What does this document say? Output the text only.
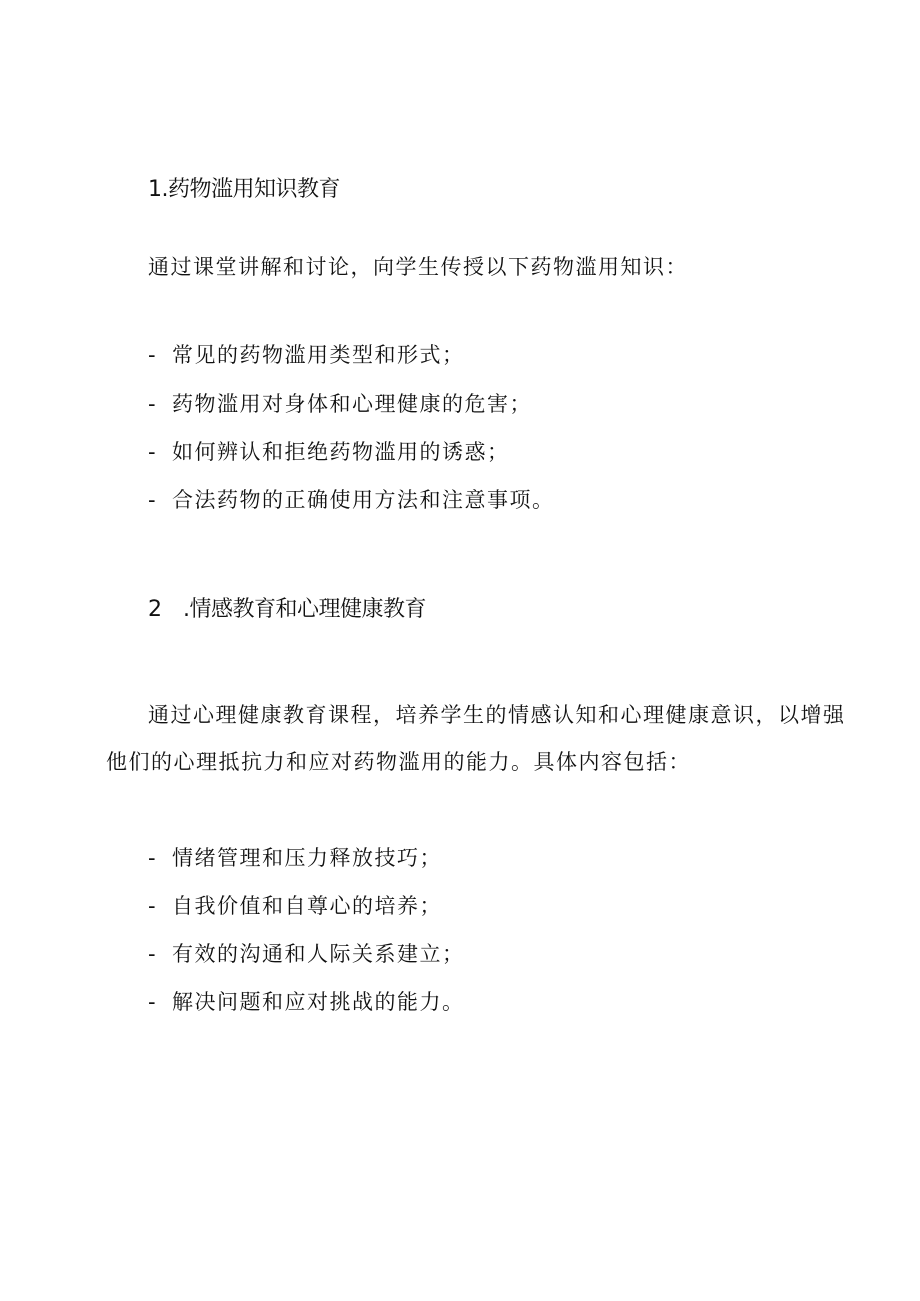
1.药物滥用知识教育
通过课堂讲解和讨论，向学生传授以下药物滥用知识：
- 常见的药物滥用类型和形式；
- 药物滥用对身体和心理健康的危害；
- 如何辨认和拒绝药物滥用的诱惑；
- 合法药物的正确使用方法和注意事项。
2　.情感教育和心理健康教育
通过心理健康教育课程，培养学生的情感认知和心理健康意识，以增强
他们的心理抵抗力和应对药物滥用的能力。具体内容包括：
- 情绪管理和压力释放技巧；
- 自我价值和自尊心的培养；
- 有效的沟通和人际关系建立；
- 解决问题和应对挑战的能力。
